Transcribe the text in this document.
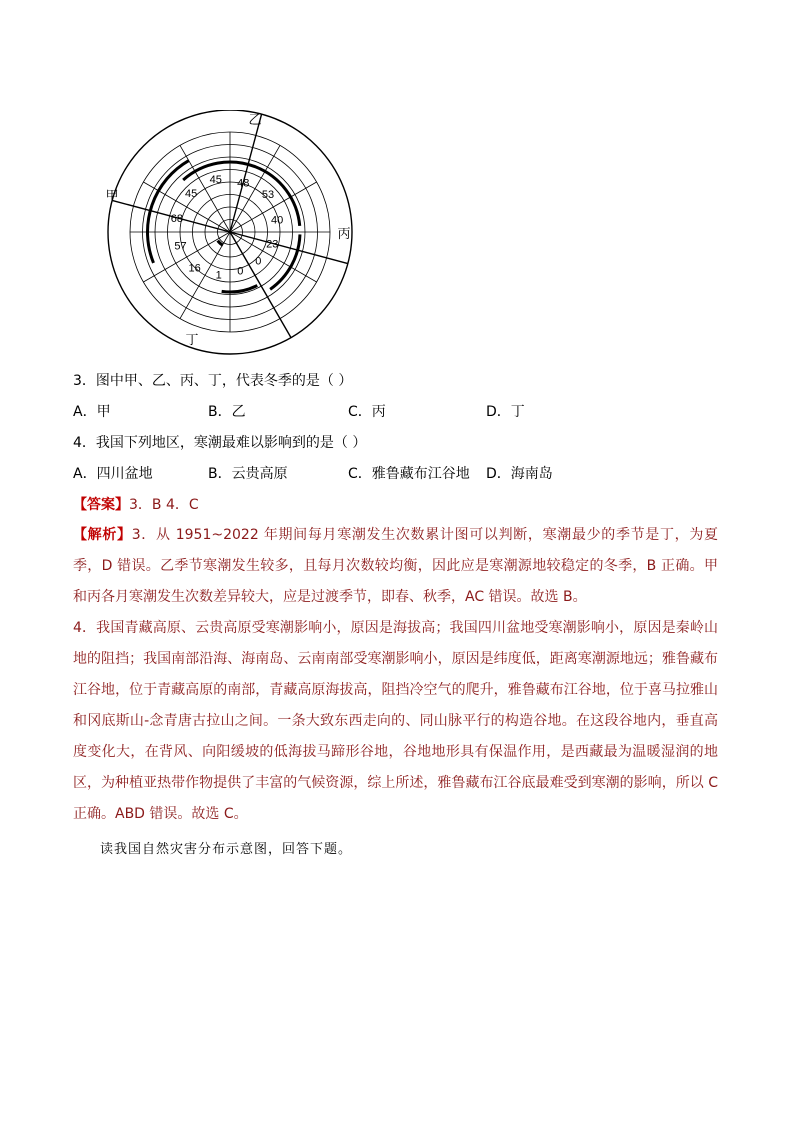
45 48
53
40
23
0
0
1
16
57
68
45
乙
丙
丁
甲
3．图中甲、乙、丙、丁，代表冬季的是（ ）
A．甲	B．乙	C．丙	D．丁
4．我国下列地区，寒潮最难以影响到的是（ ）
A．四川盆地	B．云贵高原	C．雅鲁藏布江谷地 D．海南岛
【答案】3．B 4．C
【解析】3．从 1951~2022 年期间每月寒潮发生次数累计图可以判断，寒潮最少的季节是丁，为夏季，D 错误。乙季节寒潮发生较多，且每月次数较均衡，因此应是寒潮源地较稳定的冬季，B 正确。甲和丙各月寒潮发生次数差异较大，应是过渡季节，即春、秋季，AC 错误。故选 B。
4．我国青藏高原、云贵高原受寒潮影响小，原因是海拔高；我国四川盆地受寒潮影响小，原因是秦岭山地的阻挡；我国南部沿海、海南岛、云南南部受寒潮影响小，原因是纬度低，距离寒潮源地远；雅鲁藏布江谷地，位于青藏高原的南部，青藏高原海拔高，阻挡冷空气的爬升，雅鲁藏布江谷地，位于喜马拉雅山和冈底斯山-念青唐古拉山之间。一条大致东西走向的、同山脉平行的构造谷地。在这段谷地内，垂直高度变化大，在背风、向阳缓坡的低海拔马蹄形谷地，谷地地形具有保温作用，是西藏最为温暖湿润的地区，为种植亚热带作物提供了丰富的气候资源，综上所述，雅鲁藏布江谷底最难受到寒潮的影响，所以 C 正确。ABD 错误。故选 C。
读我国自然灾害分布示意图，回答下题。
